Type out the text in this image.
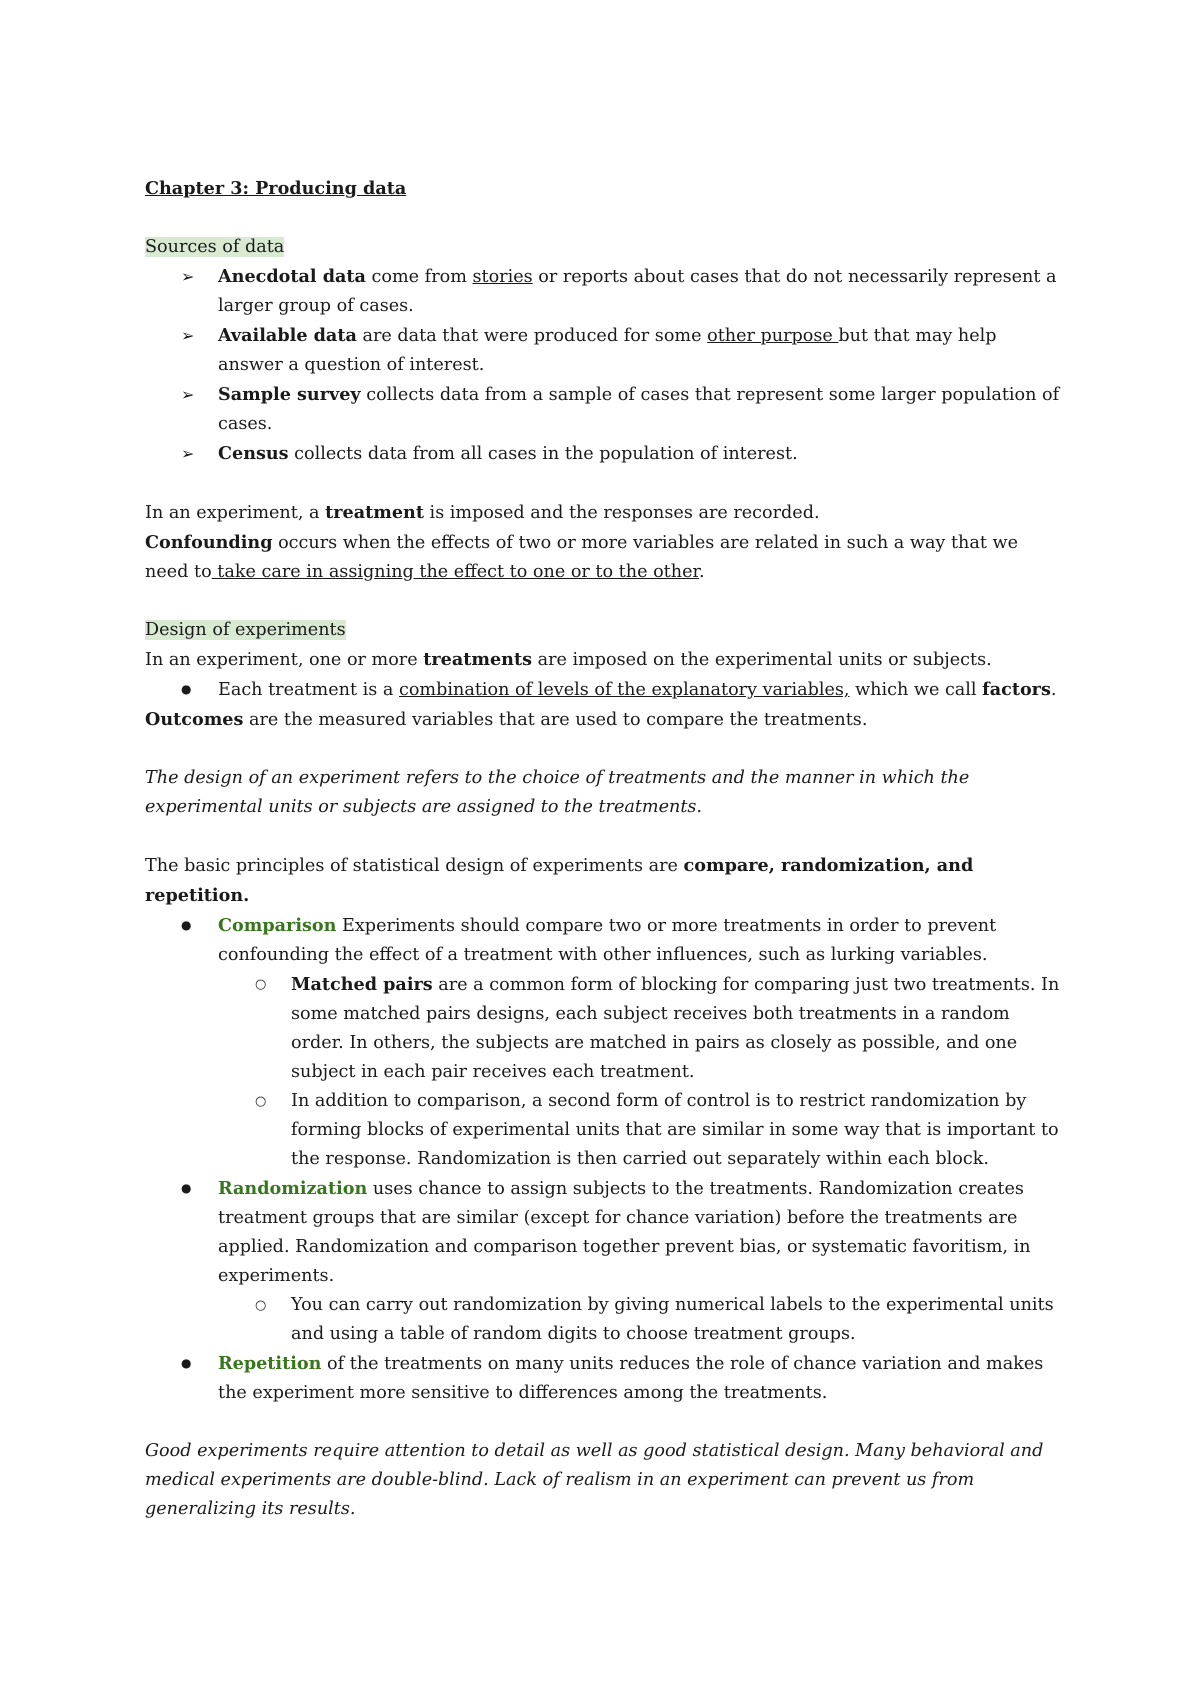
Chapter 3: Producing data

Sources of data

➢ Anecdotal data come from stories or reports about cases that do not necessarily represent a larger group of cases.
➢ Available data are data that were produced for some other purpose but that may help answer a question of interest.
➢ Sample survey collects data from a sample of cases that represent some larger population of cases.
➢ Census collects data from all cases in the population of interest.

In an experiment, a treatment is imposed and the responses are recorded.

Confounding occurs when the effects of two or more variables are related in such a way that we need to take care in assigning the effect to one or to the other.

Design of experiments

In an experiment, one or more treatments are imposed on the experimental units or subjects.

● Each treatment is a combination of levels of the explanatory variables, which we call factors.

Outcomes are the measured variables that are used to compare the treatments.

The design of an experiment refers to the choice of treatments and the manner in which the experimental units or subjects are assigned to the treatments.

The basic principles of statistical design of experiments are compare, randomization, and repetition.

● Comparison Experiments should compare two or more treatments in order to prevent confounding the effect of a treatment with other influences, such as lurking variables.
○ Matched pairs are a common form of blocking for comparing just two treatments. In some matched pairs designs, each subject receives both treatments in a random order. In others, the subjects are matched in pairs as closely as possible, and one subject in each pair receives each treatment.
○ In addition to comparison, a second form of control is to restrict randomization by forming blocks of experimental units that are similar in some way that is important to the response. Randomization is then carried out separately within each block.
● Randomization uses chance to assign subjects to the treatments. Randomization creates treatment groups that are similar (except for chance variation) before the treatments are applied. Randomization and comparison together prevent bias, or systematic favoritism, in experiments.
○ You can carry out randomization by giving numerical labels to the experimental units and using a table of random digits to choose treatment groups.
● Repetition of the treatments on many units reduces the role of chance variation and makes the experiment more sensitive to differences among the treatments.

Good experiments require attention to detail as well as good statistical design. Many behavioral and medical experiments are double-blind. Lack of realism in an experiment can prevent us from generalizing its results.
